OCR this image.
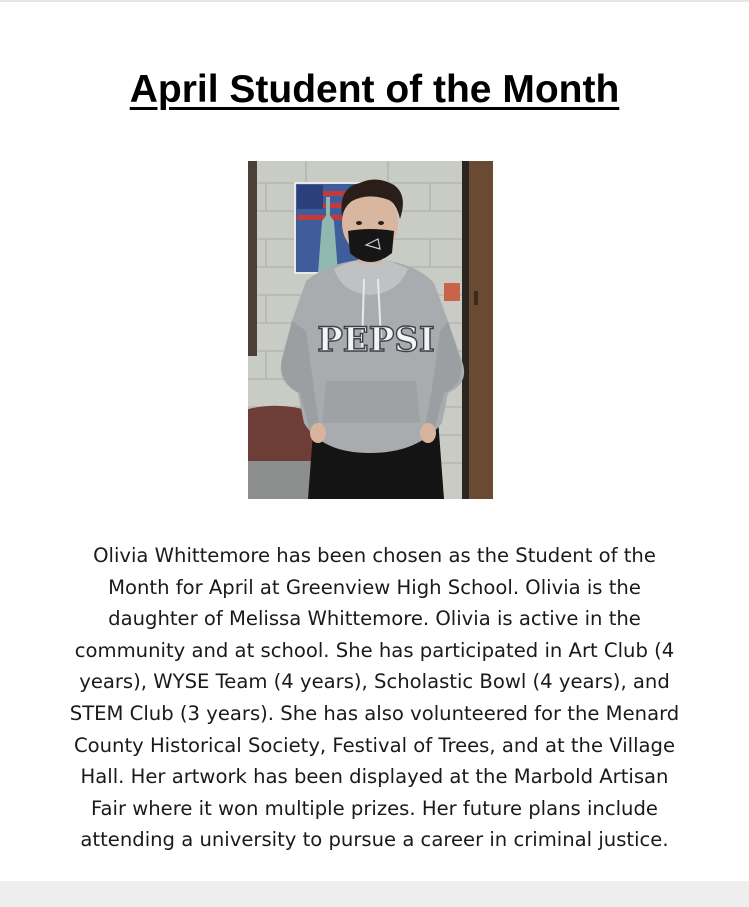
April Student of the Month
PEPSI
Olivia Whittemore has been chosen as the Student of the
Month for April at Greenview High School. Olivia is the
daughter of Melissa Whittemore. Olivia is active in the
community and at school. She has participated in Art Club (4
years), WYSE Team (4 years), Scholastic Bowl (4 years), and
STEM Club (3 years). She has also volunteered for the Menard
County Historical Society, Festival of Trees, and at the Village
Hall. Her artwork has been displayed at the Marbold Artisan
Fair where it won multiple prizes. Her future plans include
attending a university to pursue a career in criminal justice.
